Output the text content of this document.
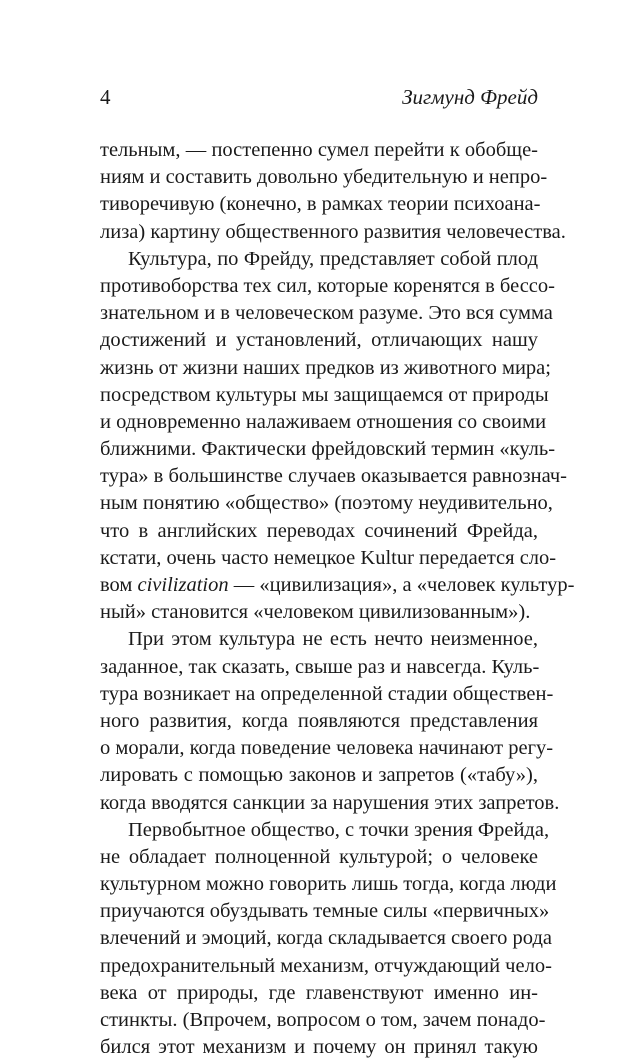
4	Зигмунд Фрейд
тельным, — постепенно сумел перейти к обобще-
ниям и составить довольно убедительную и непро-
тиворечивую (конечно, в рамках теории психоана-
лиза) картину общественного развития человечества.
Культура, по Фрейду, представляет собой плод
противоборства тех сил, которые коренятся в бессо-
знательном и в человеческом разуме. Это вся сумма
достижений и установлений, отличающих нашу
жизнь от жизни наших предков из животного мира;
посредством культуры мы защищаемся от природы
и одновременно налаживаем отношения со своими
ближними. Фактически фрейдовский термин «куль-
тура» в большинстве случаев оказывается равнознач-
ным понятию «общество» (поэтому неудивительно,
что в английских переводах сочинений Фрейда,
кстати, очень часто немецкое Kultur передается сло-
вом civilization — «цивилизация», а «человек культур-
ный» становится «человеком цивилизованным»).
При этом культура не есть нечто неизменное,
заданное, так сказать, свыше раз и навсегда. Куль-
тура возникает на определенной стадии обществен-
ного развития, когда появляются представления
о морали, когда поведение человека начинают регу-
лировать с помощью законов и запретов («табу»),
когда вводятся санкции за нарушения этих запретов.
Первобытное общество, с точки зрения Фрейда,
не обладает полноценной культурой; о человеке
культурном можно говорить лишь тогда, когда люди
приучаются обуздывать темные силы «первичных»
влечений и эмоций, когда складывается своего рода
предохранительный механизм, отчуждающий чело-
века от природы, где главенствуют именно ин-
стинкты. (Впрочем, вопросом о том, зачем понадо-
бился этот механизм и почему он принял такую
